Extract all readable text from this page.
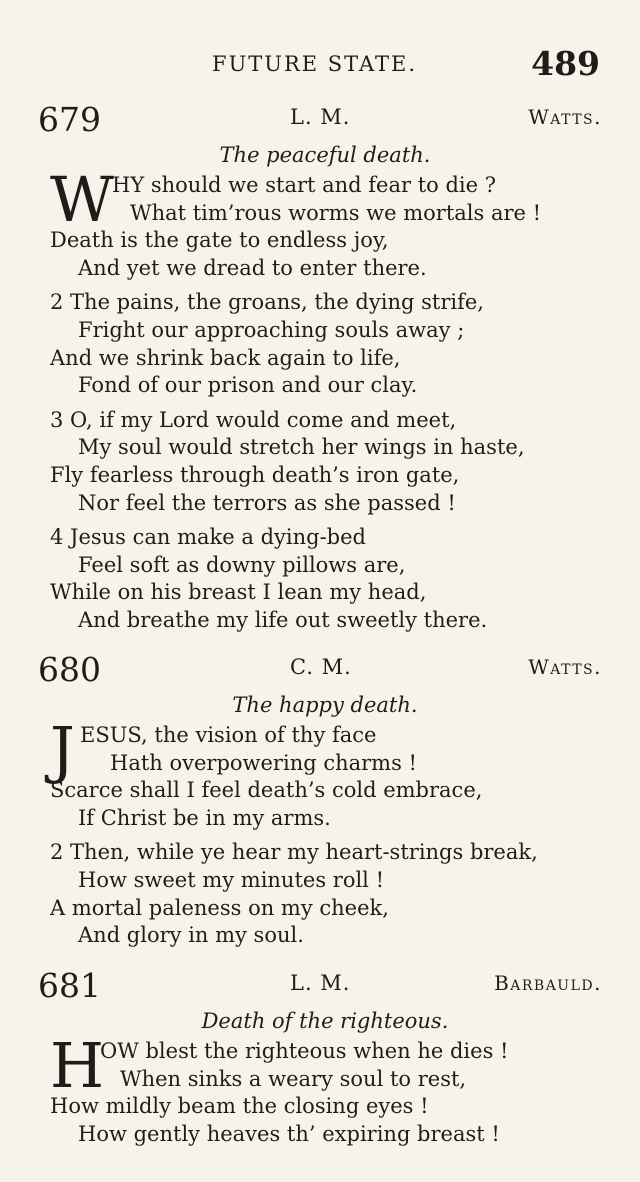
FUTURE STATE.	489
679	L. M.	Watts.
The peaceful death.
W
HY should we start and fear to die ?
What tim’rous worms we mortals are !
Death is the gate to endless joy,
And yet we dread to enter there.
2 The pains, the groans, the dying strife,
Fright our approaching souls away ;
And we shrink back again to life,
Fond of our prison and our clay.
3 O, if my Lord would come and meet,
My soul would stretch her wings in haste,
Fly fearless through death’s iron gate,
Nor feel the terrors as she passed !
4 Jesus can make a dying-bed
Feel soft as downy pillows are,
While on his breast I lean my head,
And breathe my life out sweetly there.
680	C. M.	Watts.
The happy death.
J ESUS, the vision of thy face
Hath overpowering charms !
Scarce shall I feel death’s cold embrace,
If Christ be in my arms.
2 Then, while ye hear my heart-strings break,
How sweet my minutes roll !
A mortal paleness on my cheek,
And glory in my soul.
681	L. M.	Barbauld.
Death of the righteous.
H
OW blest the righteous when he dies !
When sinks a weary soul to rest,
How mildly beam the closing eyes !
How gently heaves th’ expiring breast !
